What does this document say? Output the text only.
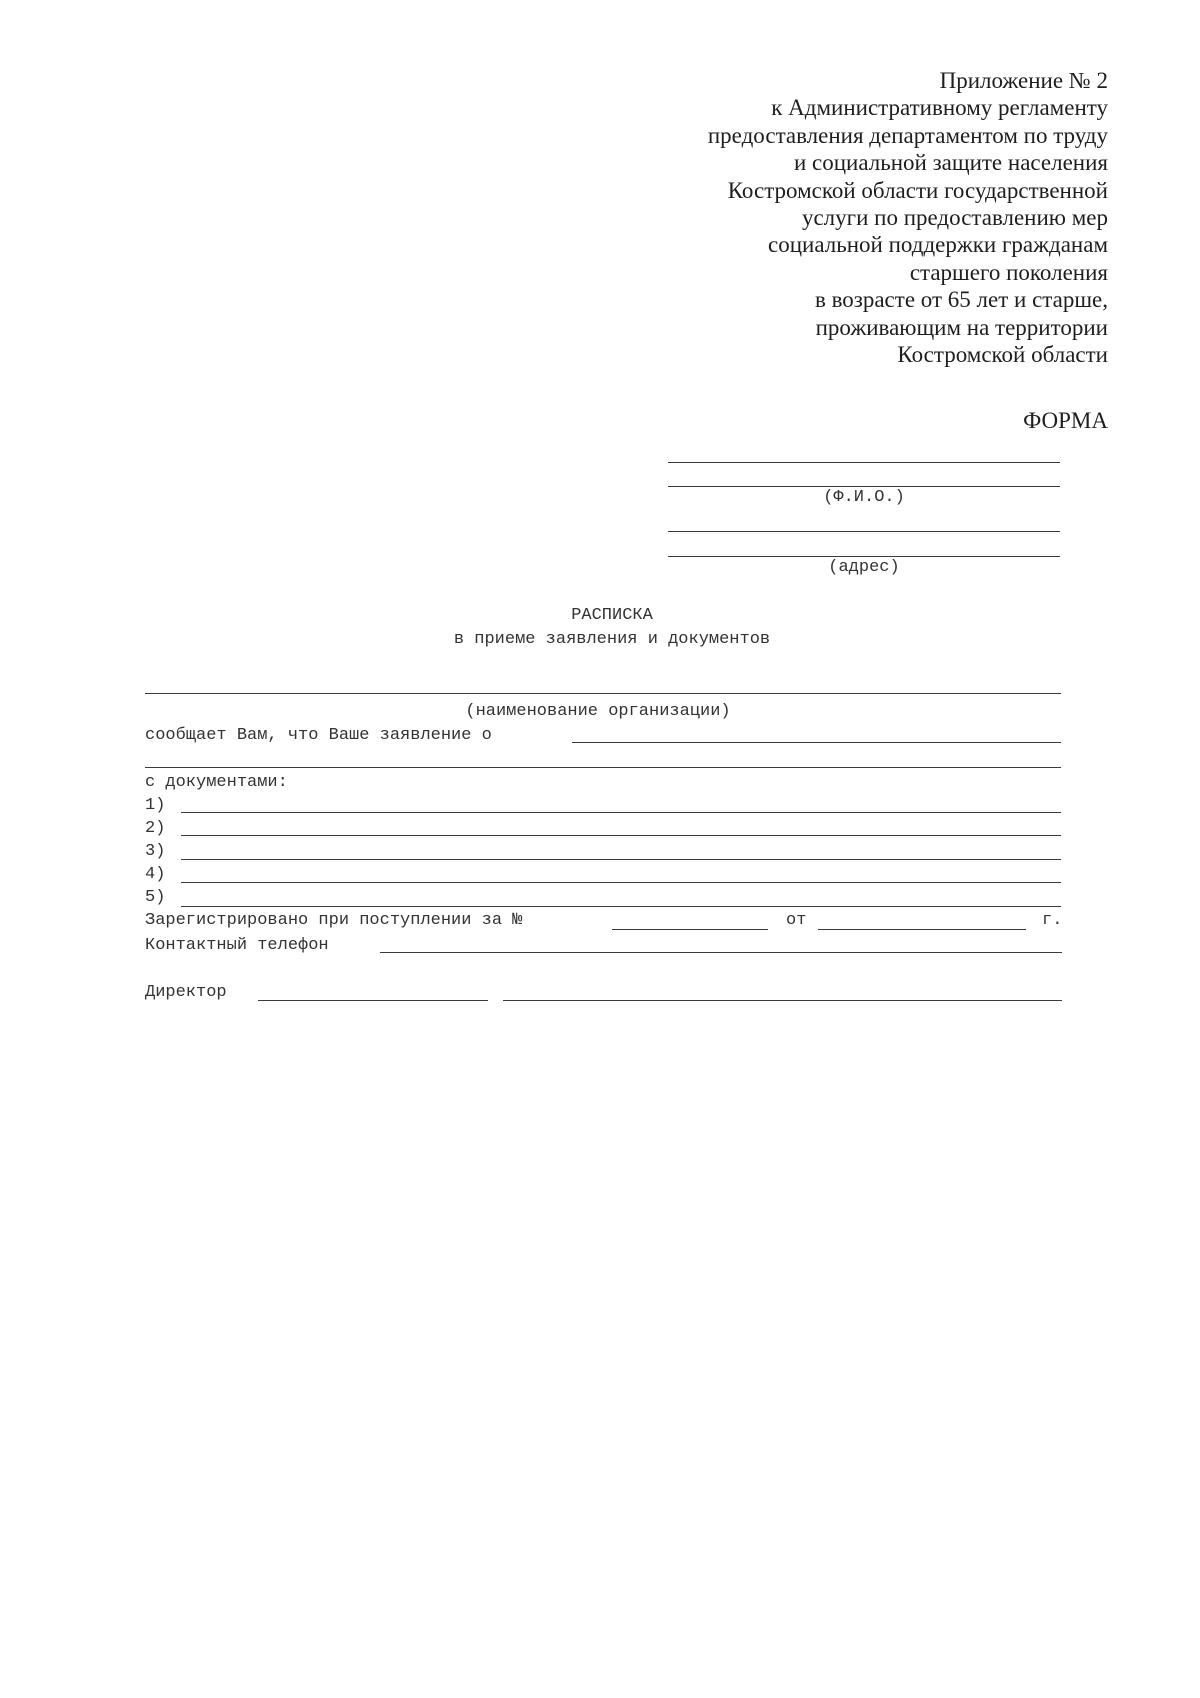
Приложение № 2
к Административному регламенту
предоставления департаментом по труду
и социальной защите населения
Костромской области государственной
услуги по предоставлению мер
социальной поддержки гражданам
старшего поколения
в возрасте от 65 лет и старше,
проживающим на территории
Костромской области
ФОРМА
(Ф.И.О.)
(адрес)
РАСПИСКА
в приеме заявления и документов
(наименование организации)
сообщает Вам, что Ваше заявление о
с документами:
1)
2)
3)
4)
5)
Зарегистрировано при поступлении за №	от	г.
Контактный телефон
Директор
